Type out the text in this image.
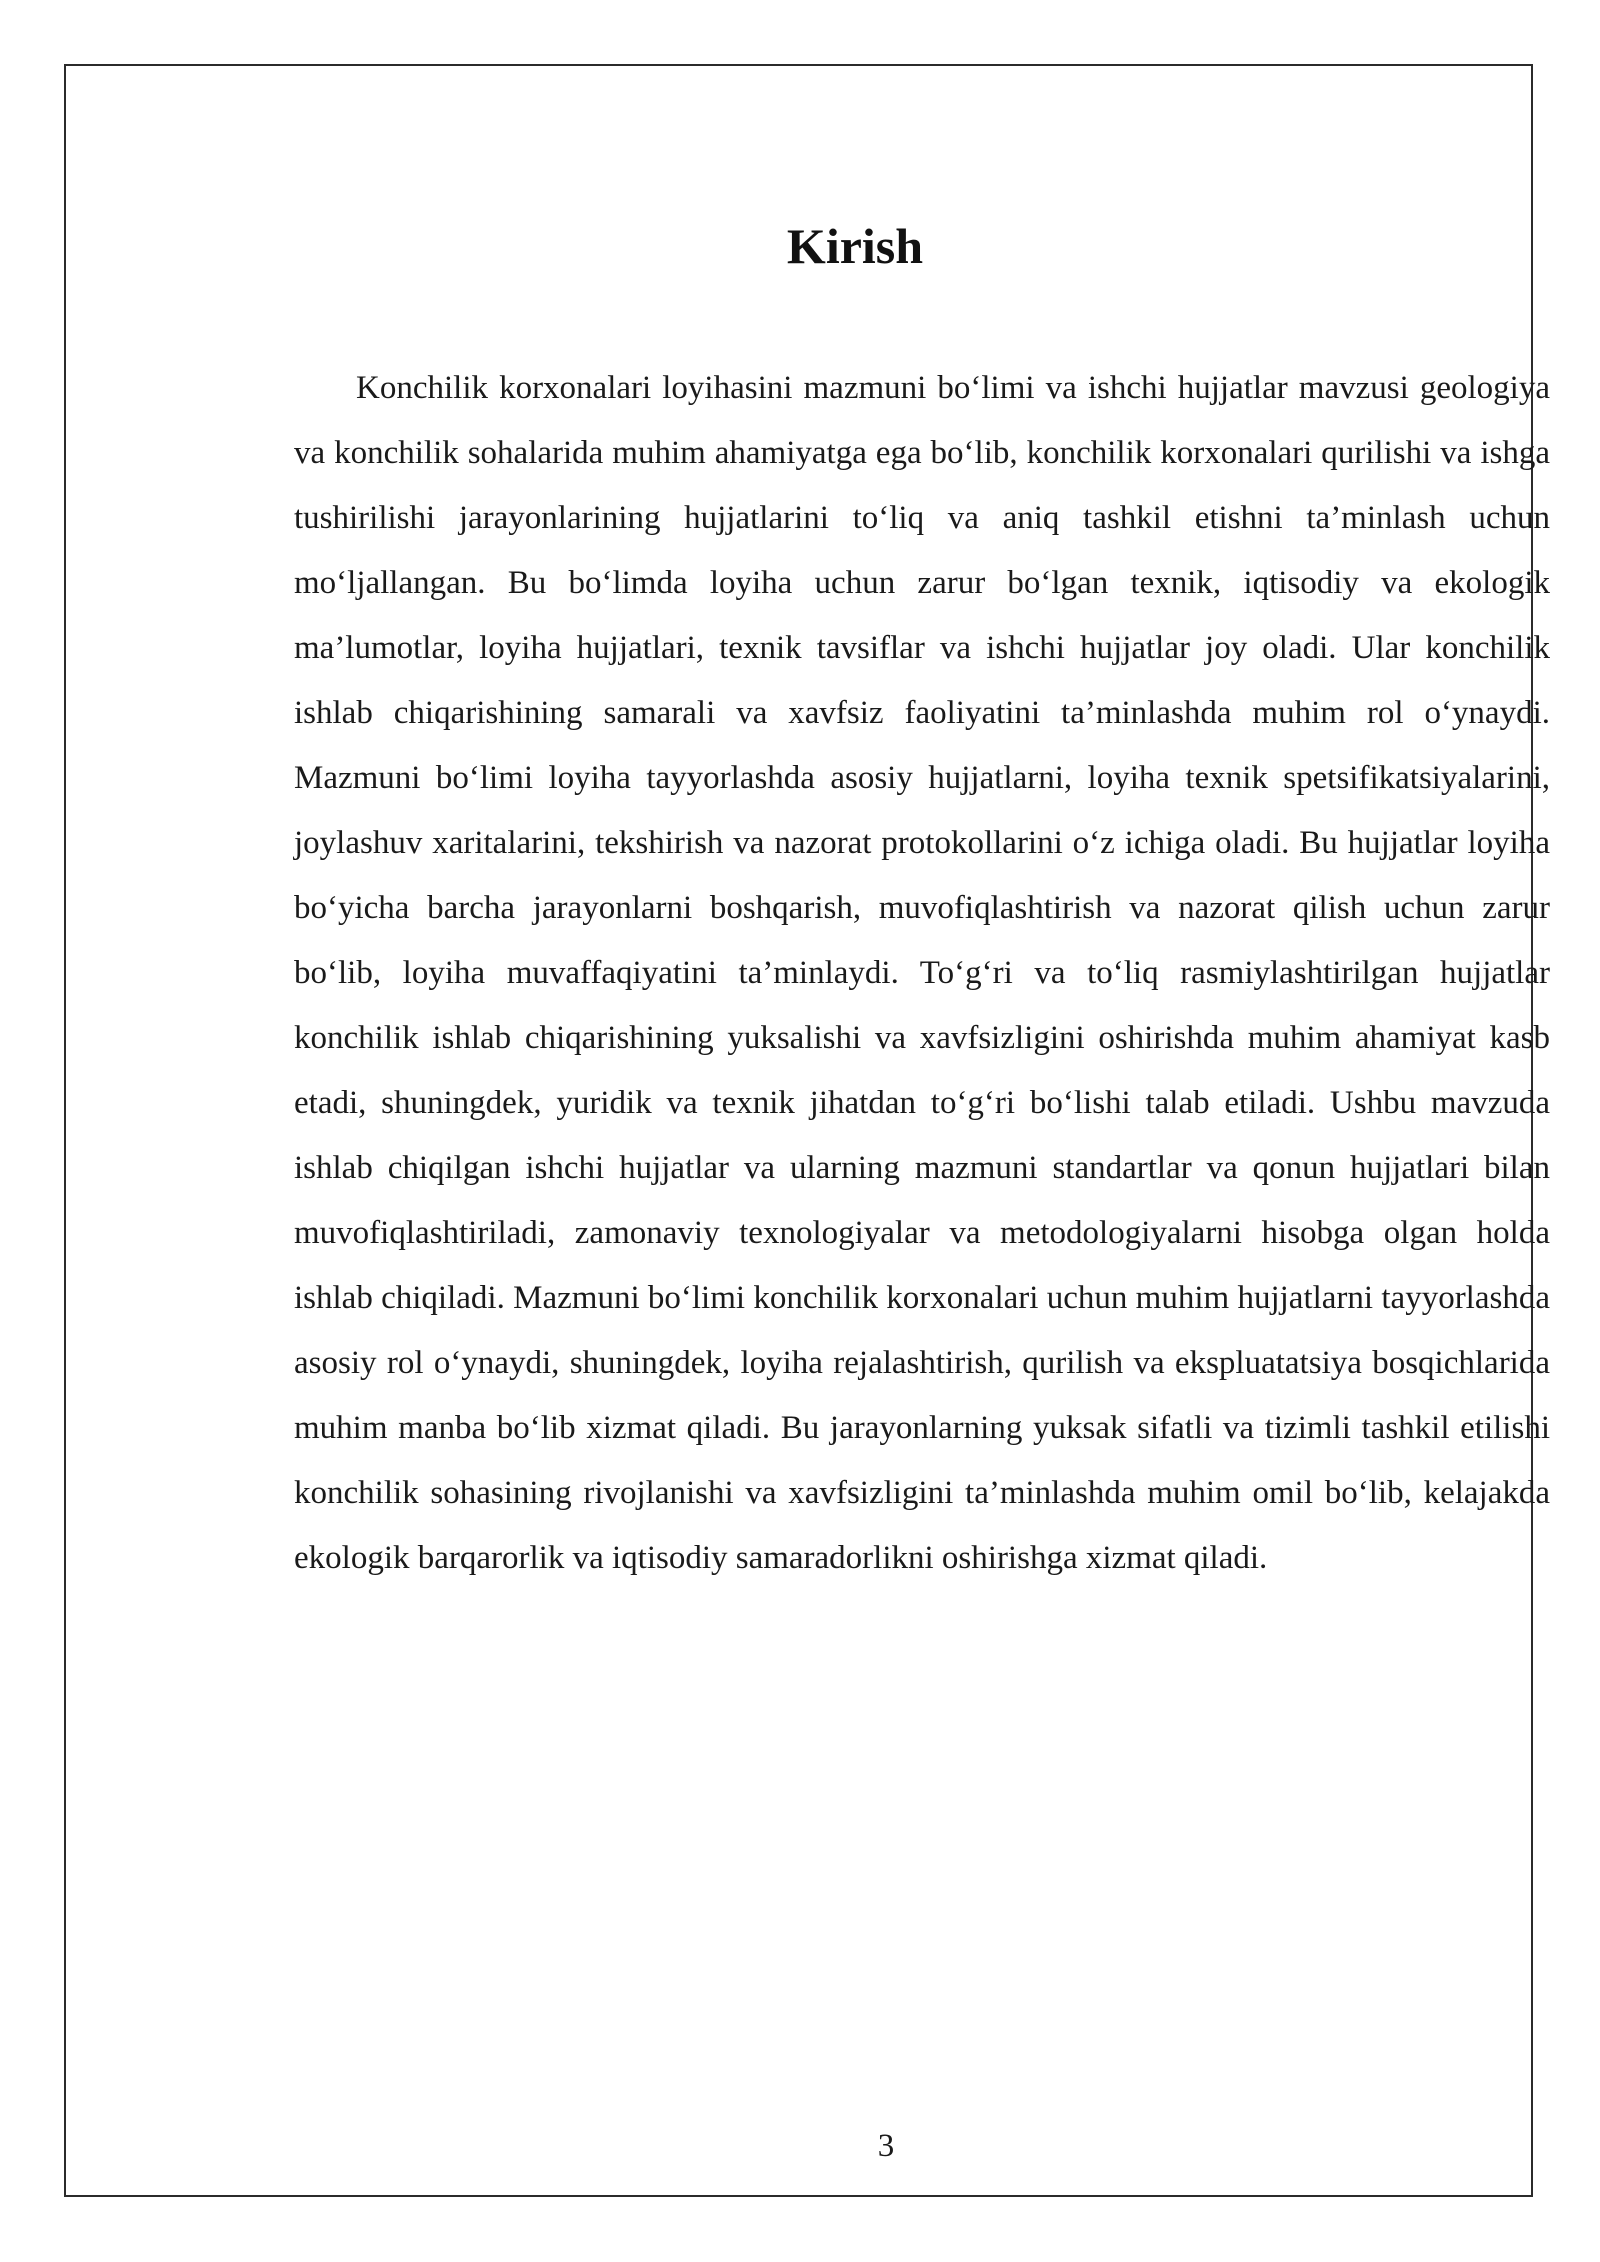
Kirish

Konchilik korxonalari loyihasini mazmuni bo‘limi va ishchi hujjatlar mavzusi geologiya va konchilik sohalarida muhim ahamiyatga ega bo‘lib, konchilik korxonalari qurilishi va ishga tushirilishi jarayonlarining hujjatlarini to‘liq va aniq tashkil etishni ta’minlash uchun mo‘ljallangan. Bu bo‘limda loyiha uchun zarur bo‘lgan texnik, iqtisodiy va ekologik ma’lumotlar, loyiha hujjatlari, texnik tavsiflar va ishchi hujjatlar joy oladi. Ular konchilik ishlab chiqarishining samarali va xavfsiz faoliyatini ta’minlashda muhim rol o‘ynaydi. Mazmuni bo‘limi loyiha tayyorlashda asosiy hujjatlarni, loyiha texnik spetsifikatsiyalarini, joylashuv xaritalarini, tekshirish va nazorat protokollarini o‘z ichiga oladi. Bu hujjatlar loyiha bo‘yicha barcha jarayonlarni boshqarish, muvofiqlashtirish va nazorat qilish uchun zarur bo‘lib, loyiha muvaffaqiyatini ta’minlaydi. To‘g‘ri va to‘liq rasmiylashtirilgan hujjatlar konchilik ishlab chiqarishining yuksalishi va xavfsizligini oshirishda muhim ahamiyat kasb etadi, shuningdek, yuridik va texnik jihatdan to‘g‘ri bo‘lishi talab etiladi. Ushbu mavzuda ishlab chiqilgan ishchi hujjatlar va ularning mazmuni standartlar va qonun hujjatlari bilan muvofiqlashtiriladi, zamonaviy texnologiyalar va metodologiyalarni hisobga olgan holda ishlab chiqiladi. Mazmuni bo‘limi konchilik korxonalari uchun muhim hujjatlarni tayyorlashda asosiy rol o‘ynaydi, shuningdek, loyiha rejalashtirish, qurilish va ekspluatatsiya bosqichlarida muhim manba bo‘lib xizmat qiladi. Bu jarayonlarning yuksak sifatli va tizimli tashkil etilishi konchilik sohasining rivojlanishi va xavfsizligini ta’minlashda muhim omil bo‘lib, kelajakda ekologik barqarorlik va iqtisodiy samaradorlikni oshirishga xizmat qiladi.

3
